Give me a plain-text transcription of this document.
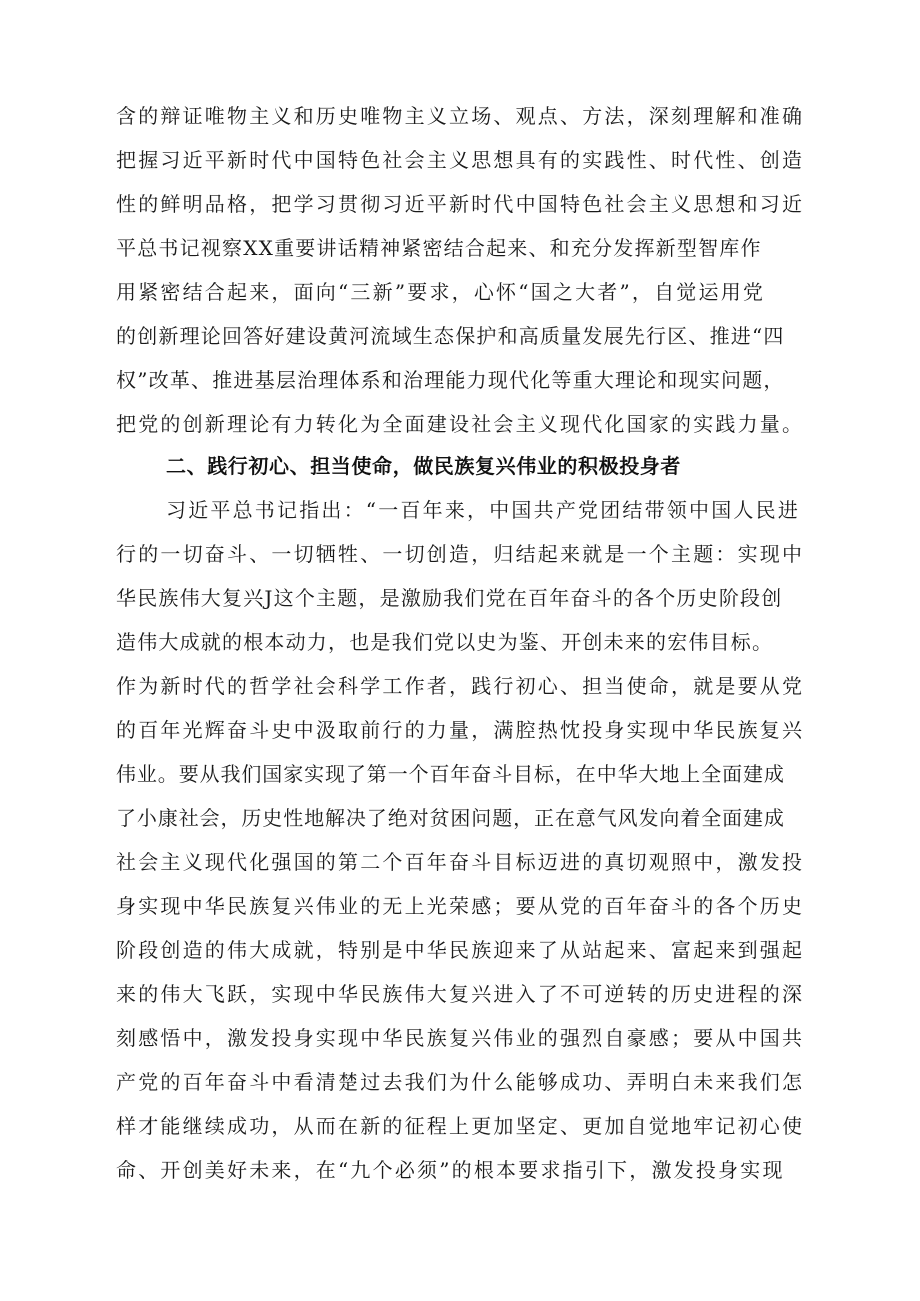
含的辩证唯物主义和历史唯物主义立场、观点、方法，深刻理解和准确
把握习近平新时代中国特色社会主义思想具有的实践性、时代性、创造
性的鲜明品格，把学习贯彻习近平新时代中国特色社会主义思想和习近
平总书记视察XX重要讲话精神紧密结合起来、和充分发挥新型智库作
用紧密结合起来，面向“三新”要求，心怀“国之大者”，自觉运用党
的创新理论回答好建设黄河流域生态保护和高质量发展先行区、推进“四
权”改革、推进基层治理体系和治理能力现代化等重大理论和现实问题，
把党的创新理论有力转化为全面建设社会主义现代化国家的实践力量。
二、践行初心、担当使命，做民族复兴伟业的积极投身者
习近平总书记指出：“一百年来，中国共产党团结带领中国人民进
行的一切奋斗、一切牺牲、一切创造，归结起来就是一个主题：实现中
华民族伟大复兴J这个主题，是激励我们党在百年奋斗的各个历史阶段创
造伟大成就的根本动力，也是我们党以史为鉴、开创未来的宏伟目标。
作为新时代的哲学社会科学工作者，践行初心、担当使命，就是要从党
的百年光辉奋斗史中汲取前行的力量，满腔热忱投身实现中华民族复兴
伟业。要从我们国家实现了第一个百年奋斗目标，在中华大地上全面建成
了小康社会，历史性地解决了绝对贫困问题，正在意气风发向着全面建成
社会主义现代化强国的第二个百年奋斗目标迈进的真切观照中，激发投
身实现中华民族复兴伟业的无上光荣感；要从党的百年奋斗的各个历史
阶段创造的伟大成就，特别是中华民族迎来了从站起来、富起来到强起
来的伟大飞跃，实现中华民族伟大复兴进入了不可逆转的历史进程的深
刻感悟中，激发投身实现中华民族复兴伟业的强烈自豪感；要从中国共
产党的百年奋斗中看清楚过去我们为什么能够成功、弄明白未来我们怎
样才能继续成功，从而在新的征程上更加坚定、更加自觉地牢记初心使
命、开创美好未来，在“九个必须”的根本要求指引下，激发投身实现
